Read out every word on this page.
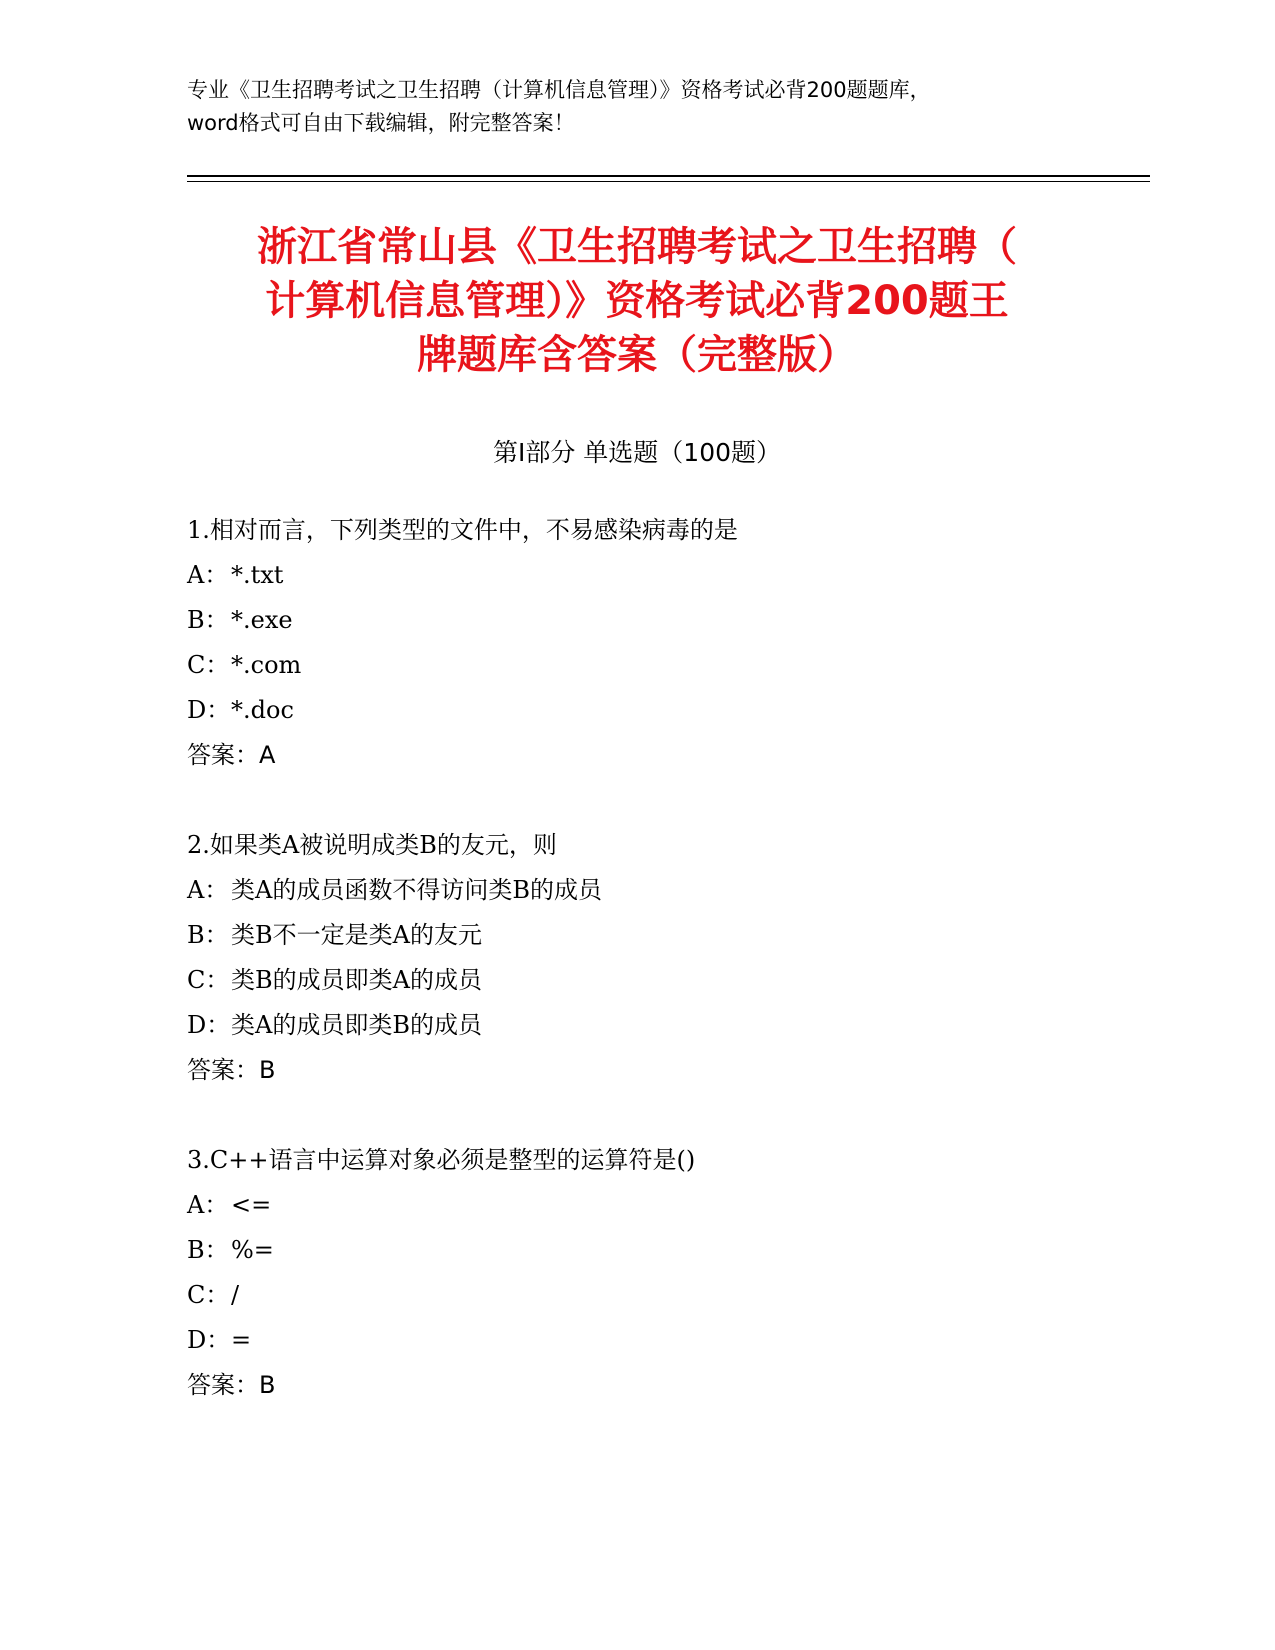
专业《卫生招聘考试之卫生招聘（计算机信息管理）》资格考试必背200题题库，
word格式可自由下载编辑，附完整答案！
浙江省常山县《卫生招聘考试之卫生招聘（
计算机信息管理）》资格考试必背200题王
牌题库含答案（完整版）
第Ⅰ部分 单选题（100题）
1.相对而言，下列类型的文件中，不易感染病毒的是
A： *.txt
B：*.exe
C：*.com
D：*.doc
答案：A
2.如果类A被说明成类B的友元，则
A： 类A的成员函数不得访问类B的成员
B：类B不一定是类A的友元
C：类B的成员即类A的成员
D：类A的成员即类B的成员
答案：B
3.C++语言中运算对象必须是整型的运算符是()
A： <=
B：%=
C：/
D：=
答案：B
